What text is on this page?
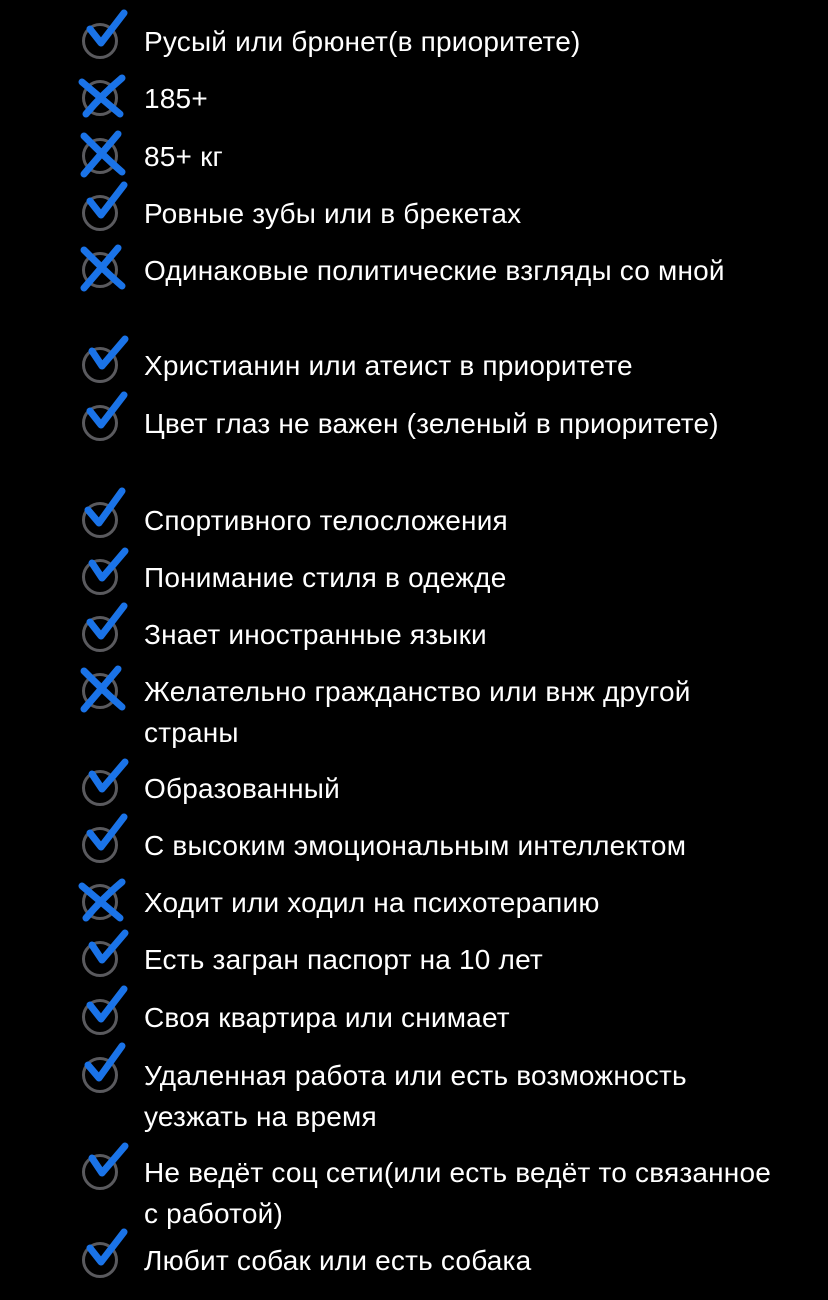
Русый или брюнет(в приоритете)
185+
85+ кг
Ровные зубы или в брекетах
Одинаковые политические взгляды со мной
Христианин или атеист в приоритете
Цвет глаз не важен (зеленый в приоритете)
Спортивного телосложения
Понимание стиля в одежде
Знает иностранные языки
Желательно гражданство или внж другой страны
Образованный
С высоким эмоциональным интеллектом
Ходит или ходил на психотерапию
Есть загран паспорт на 10 лет
Своя квартира или снимает
Удаленная работа или есть возможность уезжать на время
Не ведёт соц сети(или есть ведёт то связанное с работой)
Любит собак или есть собака
